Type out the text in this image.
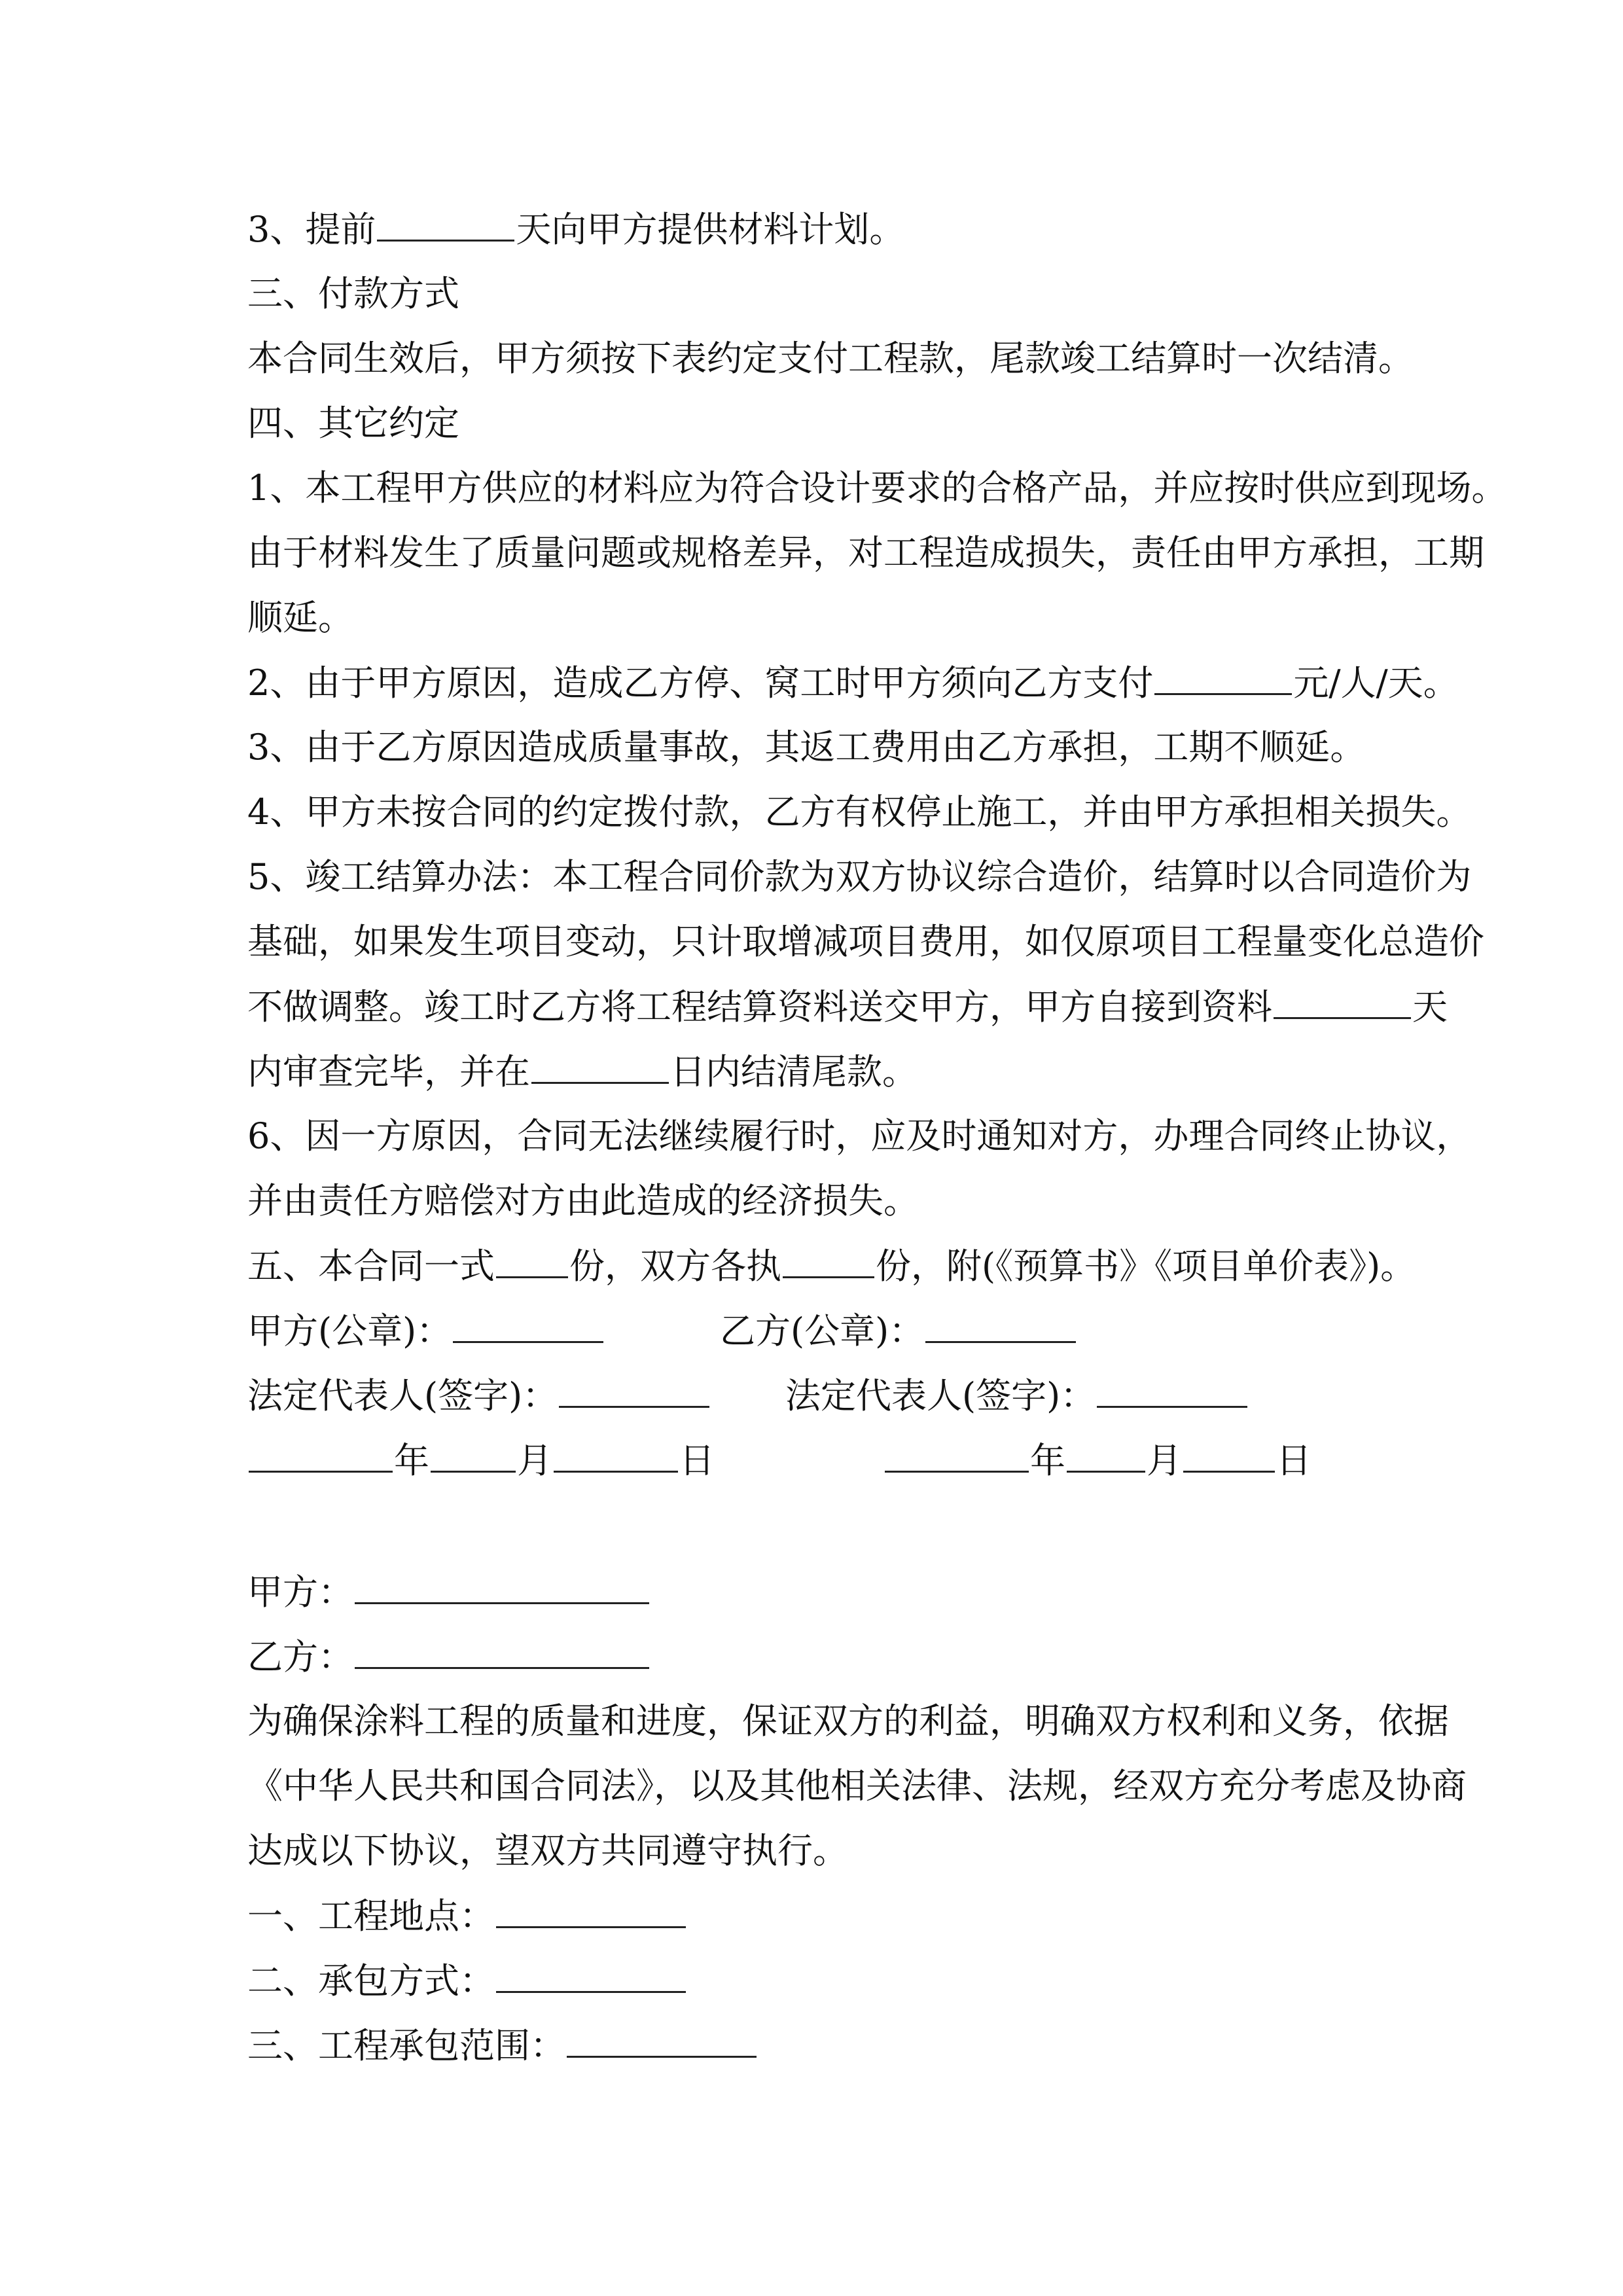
3、提前	天向甲方提供材料计划。
三、付款方式
本合同生效后，甲方须按下表约定支付工程款，尾款竣工结算时一次结清。
四、其它约定
1、本工程甲方供应的材料应为符合设计要求的合格产品，并应按时供应到现场。
由于材料发生了质量问题或规格差异，对工程造成损失，责任由甲方承担，工期
顺延。
2、由于甲方原因，造成乙方停、窝工时甲方须向乙方支付	元/人/天。
3、由于乙方原因造成质量事故，其返工费用由乙方承担，工期不顺延。
4、甲方未按合同的约定拨付款，乙方有权停止施工，并由甲方承担相关损失。
5、竣工结算办法：本工程合同价款为双方协议综合造价，结算时以合同造价为
基础，如果发生项目变动，只计取增减项目费用，如仅原项目工程量变化总造价
不做调整。竣工时乙方将工程结算资料送交甲方，甲方自接到资料	天
内审查完毕，并在	日内结清尾款。
6、因一方原因，合同无法继续履行时，应及时通知对方，办理合同终止协议，
并由责任方赔偿对方由此造成的经济损失。
五、本合同一式 份，双方各执	份，附(《预算书》《项目单价表》)。
甲方(公章)：	乙方(公章)：
法定代表人(签字)：	法定代表人(签字)：
年 月	日	年 月	日
甲方：
乙方：
为确保涂料工程的质量和进度，保证双方的利益，明确双方权利和义务，依据
《中华人民共和国合同法》，以及其他相关法律、法规，经双方充分考虑及协商
达成以下协议，望双方共同遵守执行。
一、工程地点：
二、承包方式：
三、工程承包范围：
